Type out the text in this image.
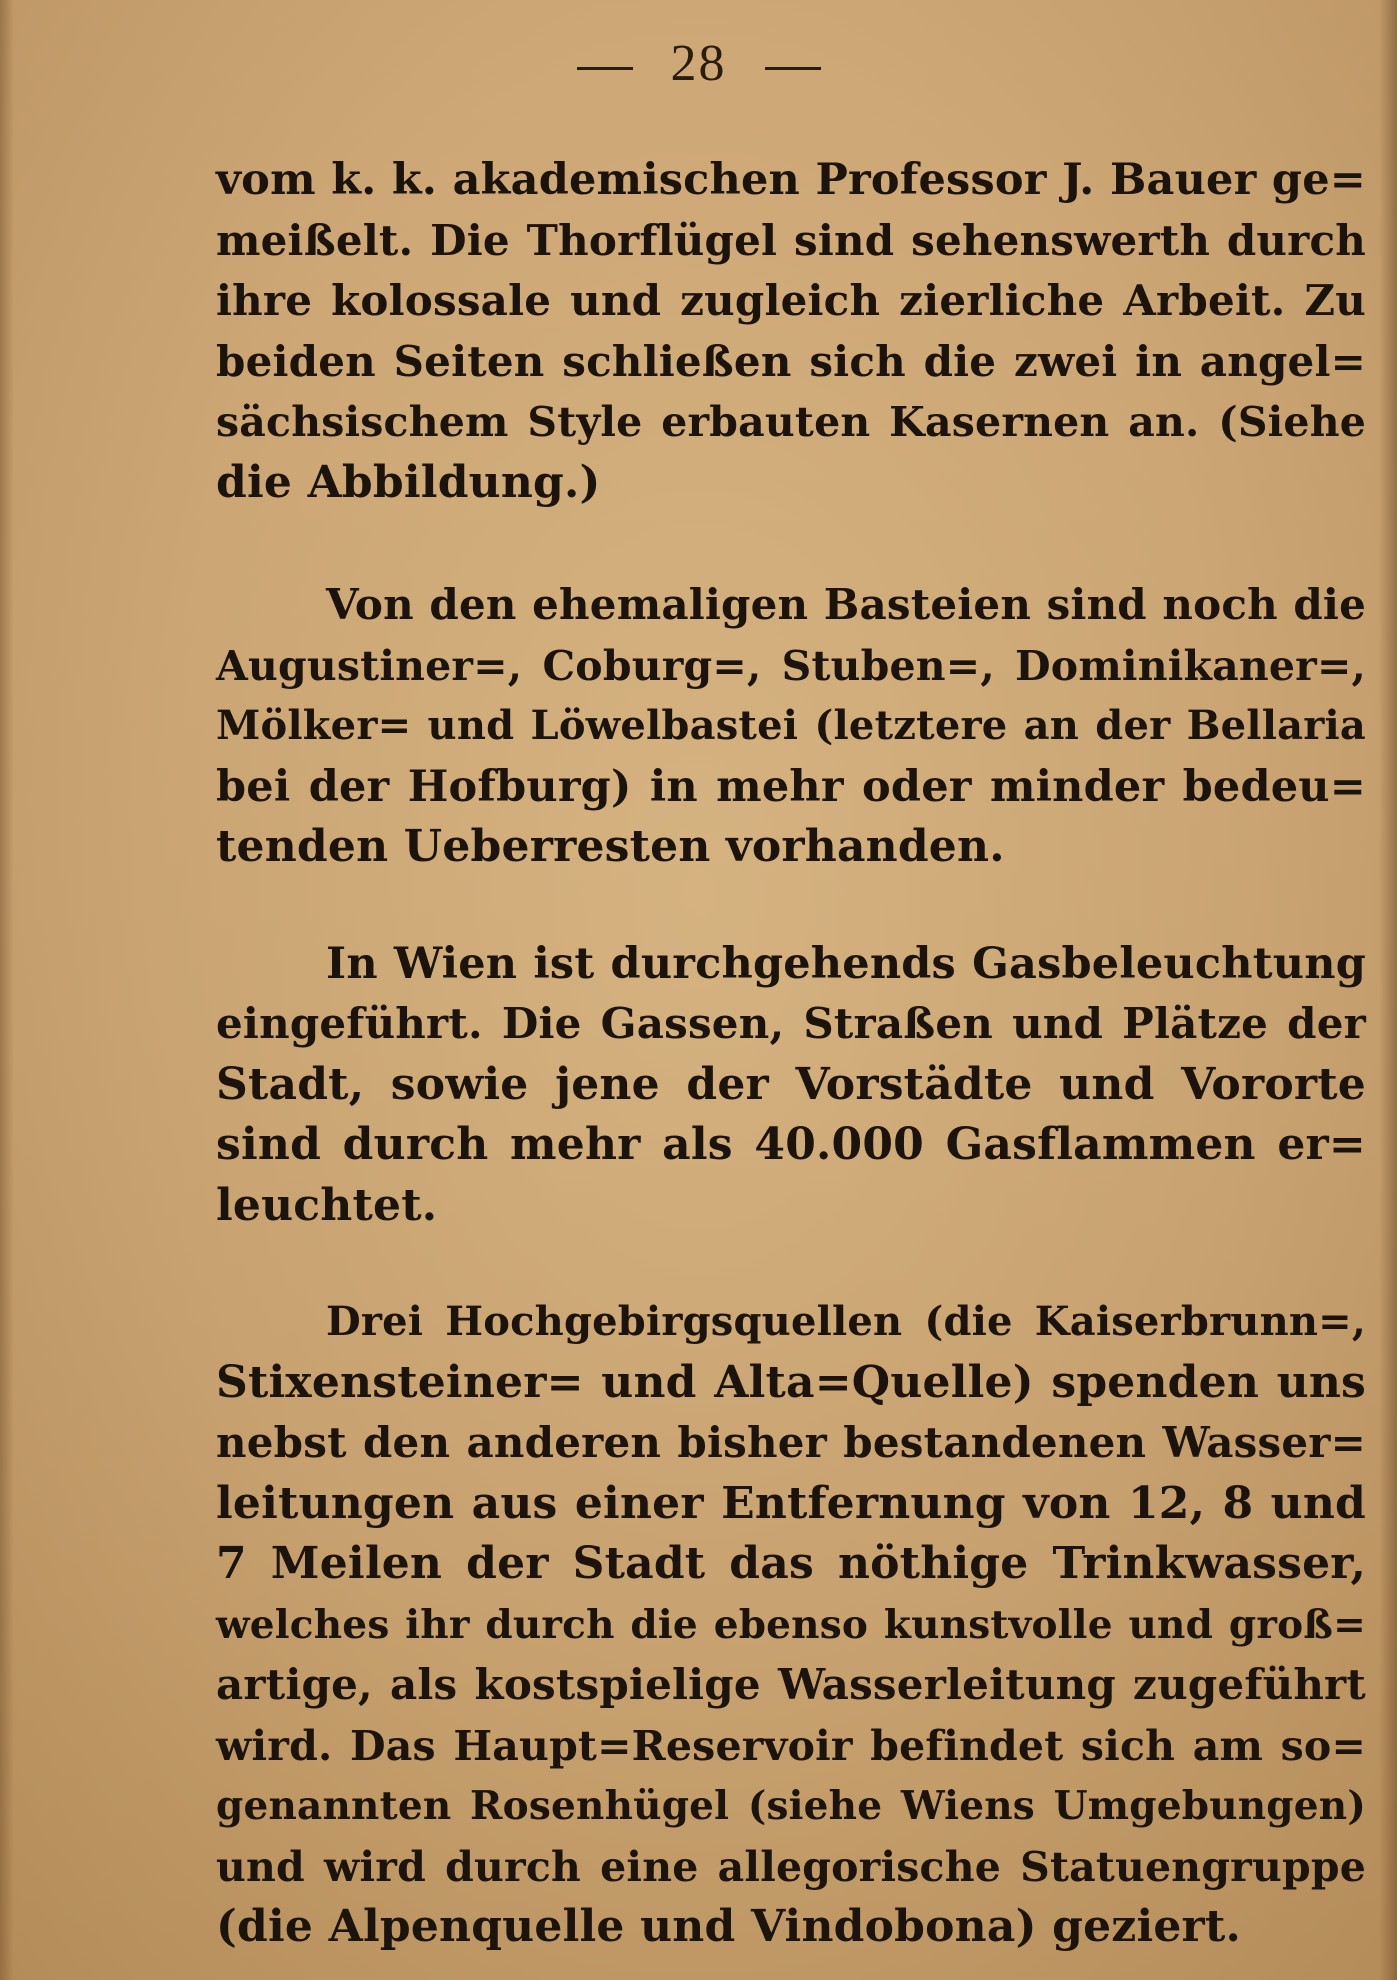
28

vom k. k. akademischen Professor J. Bauer ge=
meißelt. Die Thorflügel sind sehenswerth durch
ihre kolossale und zugleich zierliche Arbeit. Zu
beiden Seiten schließen sich die zwei in angel=
sächsischem Style erbauten Kasernen an. (Siehe
die Abbildung.)

Von den ehemaligen Basteien sind noch die
Augustiner=, Coburg=, Stuben=, Dominikaner=,
Mölker= und Löwelbastei (letztere an der Bellaria
bei der Hofburg) in mehr oder minder bedeu=
tenden Ueberresten vorhanden.

In Wien ist durchgehends Gasbeleuchtung
eingeführt. Die Gassen, Straßen und Plätze der
Stadt, sowie jene der Vorstädte und Vororte
sind durch mehr als 40.000 Gasflammen er=
leuchtet.

Drei Hochgebirgsquellen (die Kaiserbrunn=,
Stixensteiner= und Alta=Quelle) spenden uns
nebst den anderen bisher bestandenen Wasser=
leitungen aus einer Entfernung von 12, 8 und
7 Meilen der Stadt das nöthige Trinkwasser,
welches ihr durch die ebenso kunstvolle und groß=
artige, als kostspielige Wasserleitung zugeführt
wird. Das Haupt=Reservoir befindet sich am so=
genannten Rosenhügel (siehe Wiens Umgebungen)
und wird durch eine allegorische Statuengruppe
(die Alpenquelle und Vindobona) geziert.
